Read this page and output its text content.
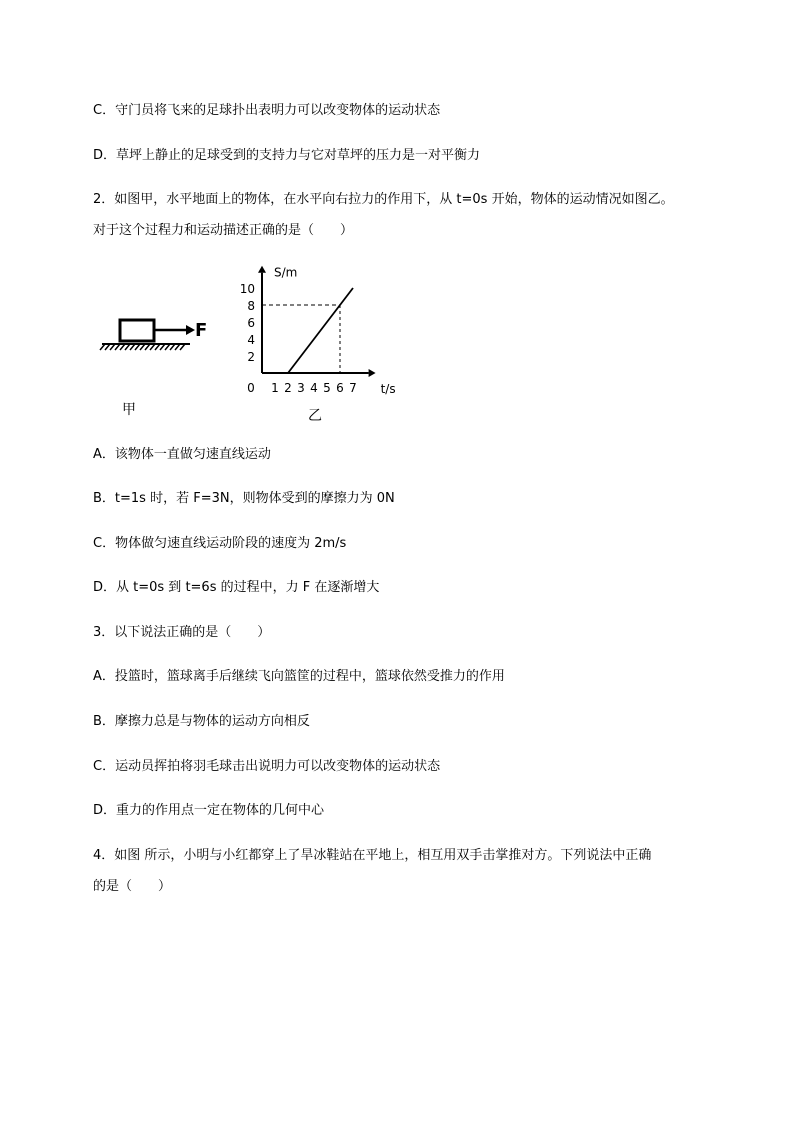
C．守门员将飞来的足球扑出表明力可以改变物体的运动状态
D．草坪上静止的足球受到的支持力与它对草坪的压力是一对平衡力
2．如图甲，水平地面上的物体，在水平向右拉力的作用下，从 t=0s 开始，物体的运动情况如图乙。
对于这个过程力和运动描述正确的是（　　）
F
0 1 2 3 4 5 6 7
2
4
6
8
10
t/s
S/m
甲	乙
A．该物体一直做匀速直线运动
B．t=1s 时，若 F=3N，则物体受到的摩擦力为 0N
C．物体做匀速直线运动阶段的速度为 2m/s
D．从 t=0s 到 t=6s 的过程中，力 F 在逐渐增大
3．以下说法正确的是（　　）
A．投篮时，篮球离手后继续飞向篮筐的过程中，篮球依然受推力的作用
B．摩擦力总是与物体的运动方向相反
C．运动员挥拍将羽毛球击出说明力可以改变物体的运动状态
D．重力的作用点一定在物体的几何中心
4．如图 所示，小明与小红都穿上了旱冰鞋站在平地上，相互用双手击掌推对方。下列说法中正确
的是（　　）
